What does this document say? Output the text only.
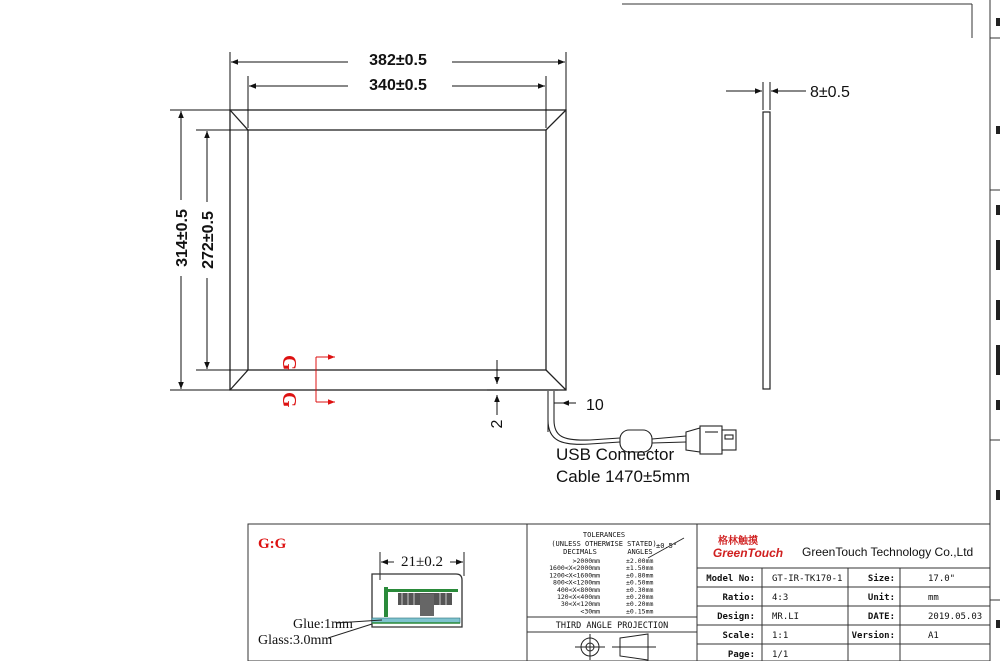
382±0.5
340±0.5
314±0.5 272±0.5
G
G
2
10
USB Connector
Cable 1470±5mm
8±0.5
G:G
21±0.2
Glue:1mm
Glass:3.0mm
TOLERANCES
(UNLESS OTHERWISE STATED)
DECIMALS	ANGLES
±0.5°
>2000mm	±2.00mm
1600<X<2000mm	±1.50mm
1200<X<1600mm	±0.80mm
800<X<1200mm	±0.50mm
400<X<800mm	±0.30mm
120<X<400mm	±0.20mm
30<X<120mm	±0.20mm
<30mm	±0.15mm
THIRD ANGLE PROJECTION
格林触摸
GreenTouch GreenTouch Technology Co.,Ltd
Model No: GT-IR-TK170-1	Size:	17.0"
Ratio: 4:3	Unit:	mm
Design: MR.LI	DATE:	2019.05.03
Scale: 1:1	Version:	A1
Page: 1/1
